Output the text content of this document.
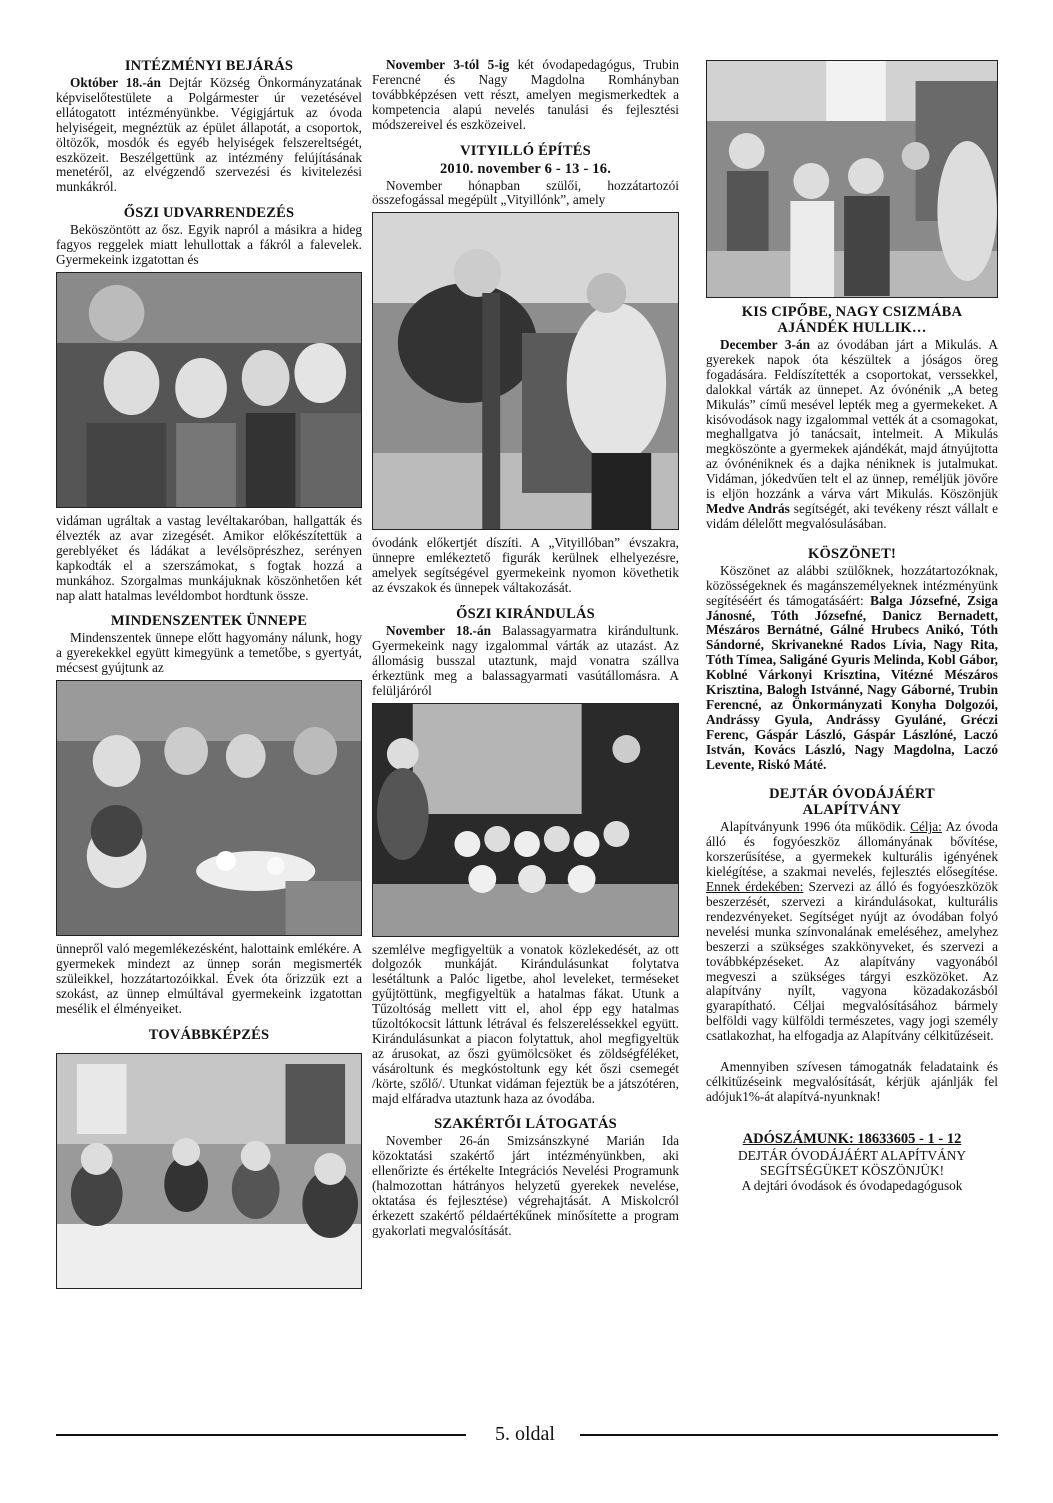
INTÉZMÉNYI BEJÁRÁS

Október 18.-án Dejtár Község Önkormányzatának képviselőtestülete a Polgármester úr vezetésével ellátogatott intézményünkbe. Végigjártuk az óvoda helyiségeit, megnéztük az épület állapotát, a csoportok, öltözők, mosdók és egyéb helyiségek felszereltségét, eszközeit. Beszélgettünk az intézmény felújításának menetéről, az elvégzendő szervezési és kivitelezési munkákról.

ŐSZI UDVARRENDEZÉS

Beköszöntött az ősz. Egyik napról a másikra a hideg fagyos reggelek miatt lehullottak a fákról a falevelek. Gyermekeink izgatottan és

vidáman ugráltak a vastag levéltakaróban, hallgatták és élvezték az avar zizegését. Amikor előkészítettük a gereblyéket és ládákat a levélsöprészhez, serényen kapkodták el a szerszámokat, s fogtak hozzá a munkához. Szorgalmas munkájuknak köszönhetően két nap alatt hatalmas levéldombot hordtunk össze.

MINDENSZENTEK ÜNNEPE

Mindenszentek ünnepe előtt hagyomány nálunk, hogy a gyerekekkel együtt kimegyünk a temetőbe, s gyertyát, mécsest gyújtunk az

ünnepről való megemlékezésként, halottaink emlékére. A gyermekek mindezt az ünnep során megismerték szüleikkel, hozzátartozóikkal. Évek óta őrizzük ezt a szokást, az ünnep elmúltával gyermekeink izgatottan mesélik el élményeiket.

TOVÁBBKÉPZÉS

November 3-tól 5-ig két óvodapedagógus, Trubin Ferencné és Nagy Magdolna Romhányban továbbképzésen vett részt, amelyen megismerkedtek a kompetencia alapú nevelés tanulási és fejlesztési módszereivel és eszközeivel.

VITYILLÓ ÉPÍTÉS
2010. november 6 - 13 - 16.

November hónapban szülői, hozzátartozói összefogással megépült „Vityillónk”, amely

óvodánk előkertjét díszíti. A „Vityillóban” évszakra, ünnepre emlékeztető figurák kerülnek elhelyezésre, amelyek segítségével gyermekeink nyomon követhetik az évszakok és ünnepek váltakozását.

ŐSZI KIRÁNDULÁS

November 18.-án Balassagyarmatra kirándultunk. Gyermekeink nagy izgalommal várták az utazást. Az állomásig busszal utaztunk, majd vonatra szállva érkeztünk meg a balassagyarmati vasútállomásra. A felüljáróról

szemlélve megfigyeltük a vonatok közlekedését, az ott dolgozók munkáját. Kirándulásunkat folytatva lesétáltunk a Palóc ligetbe, ahol leveleket, terméseket gyűjtöttünk, megfigyeltük a hatalmas fákat. Utunk a Tűzoltóság mellett vitt el, ahol épp egy hatalmas tűzoltókocsit láttunk létrával és felszereléssekkel együtt. Kirándulásunkat a piacon folytattuk, ahol megfigyeltük az árusokat, az őszi gyümölcsöket és zöldségféléket, vásároltunk és megkóstoltunk egy két őszi csemegét /körte, szőlő/. Utunkat vidáman fejeztük be a játszótéren, majd elfáradva utaztunk haza az óvodába.

SZAKÉRTŐI LÁTOGATÁS

November 26-án Smizsánszkyné Marián Ida közoktatási szakértő járt intézményünkben, aki ellenőrizte és értékelte Integrációs Nevelési Programunk (halmozottan hátrányos helyzetű gyerekek nevelése, oktatása és fejlesztése) végrehajtását. A Miskolcról érkezett szakértő példaértékűnek minősítette a program gyakorlati megvalósítását.

KIS CIPŐBE, NAGY CSIZMÁBA AJÁNDÉK HULLIK…

December 3-án az óvodában járt a Mikulás. A gyerekek napok óta készültek a jóságos öreg fogadására. Feldíszítették a csoportokat, verssekkel, dalokkal várták az ünnepet. Az óvónénik „A beteg Mikulás” című mesével lepték meg a gyermekeket. A kisóvodások nagy izgalommal vették át a csomagokat, meghallgatva jó tanácsait, intelmeit. A Mikulás megköszönte a gyermekek ajándékát, majd átnyújtotta az óvónéniknek és a dajka néniknek is jutalmukat. Vidáman, jókedvűen telt el az ünnep, reméljük jövőre is eljön hozzánk a várva várt Mikulás. Köszönjük Medve András segítségét, aki tevékeny részt vállalt e vidám délelőtt megvalósulásában.

KÖSZÖNET!

Köszönet az alábbi szülőknek, hozzátartozóknak, közösségeknek és magánszemélyeknek intézményünk segítéséért és támogatásáért: Balga Józsefné, Zsiga Jánosné, Tóth Józsefné, Danicz Bernadett, Mészáros Bernátné, Gálné Hrubecs Anikó, Tóth Sándorné, Skrivanekné Rados Lívia, Nagy Rita, Tóth Tímea, Saligáné Gyuris Melinda, Kobl Gábor, Koblné Várkonyi Krisztina, Vitézné Mészáros Krisztina, Balogh Istvánné, Nagy Gáborné, Trubin Ferencné, az Önkormányzati Konyha Dolgozói, Andrássy Gyula, Andrássy Gyuláné, Gréczi Ferenc, Gáspár László, Gáspár Lászlóné, Laczó István, Kovács László, Nagy Magdolna, Laczó Levente, Riskó Máté.

DEJTÁR ÓVODÁJÁÉRT ALAPÍTVÁNY

Alapítványunk 1996 óta működik. Célja: Az óvoda álló és fogyóeszköz állományának bővítése, korszerűsítése, a gyermekek kulturális igényének kielégítése, a szakmai nevelés, fejlesztés elősegítése. Ennek érdekében: Szervezi az álló és fogyóeszközök beszerzését, szervezi a kirándulásokat, kulturális rendezvényeket. Segítséget nyújt az óvodában folyó nevelési munka színvonalának emeléséhez, amelyhez beszerzi a szükséges szakkönyveket, és szervezi a továbbképzéseket. Az alapítvány vagyonából megveszi a szükséges tárgyi eszközöket. Az alapítvány nyílt, vagyona közadakozásból gyarapítható. Céljai megvalósításához bármely belföldi vagy külföldi természetes, vagy jogi személy csatlakozhat, ha elfogadja az Alapítvány célkitűzéseit.

Amennyiben szívesen támogatnák feladataink és célkitűzéseink megvalósítását, kérjük ajánlják fel adójuk1%-át alapítvá-nyunknak!

ADÓSZÁMUNK: 18633605 - 1 - 12
DEJTÁR ÓVODÁJÁÉRT ALAPÍTVÁNY
SEGÍTSÉGÜKET KÖSZÖNJÜK!
A dejtári óvodások és óvodapedagógusok
5. oldal
